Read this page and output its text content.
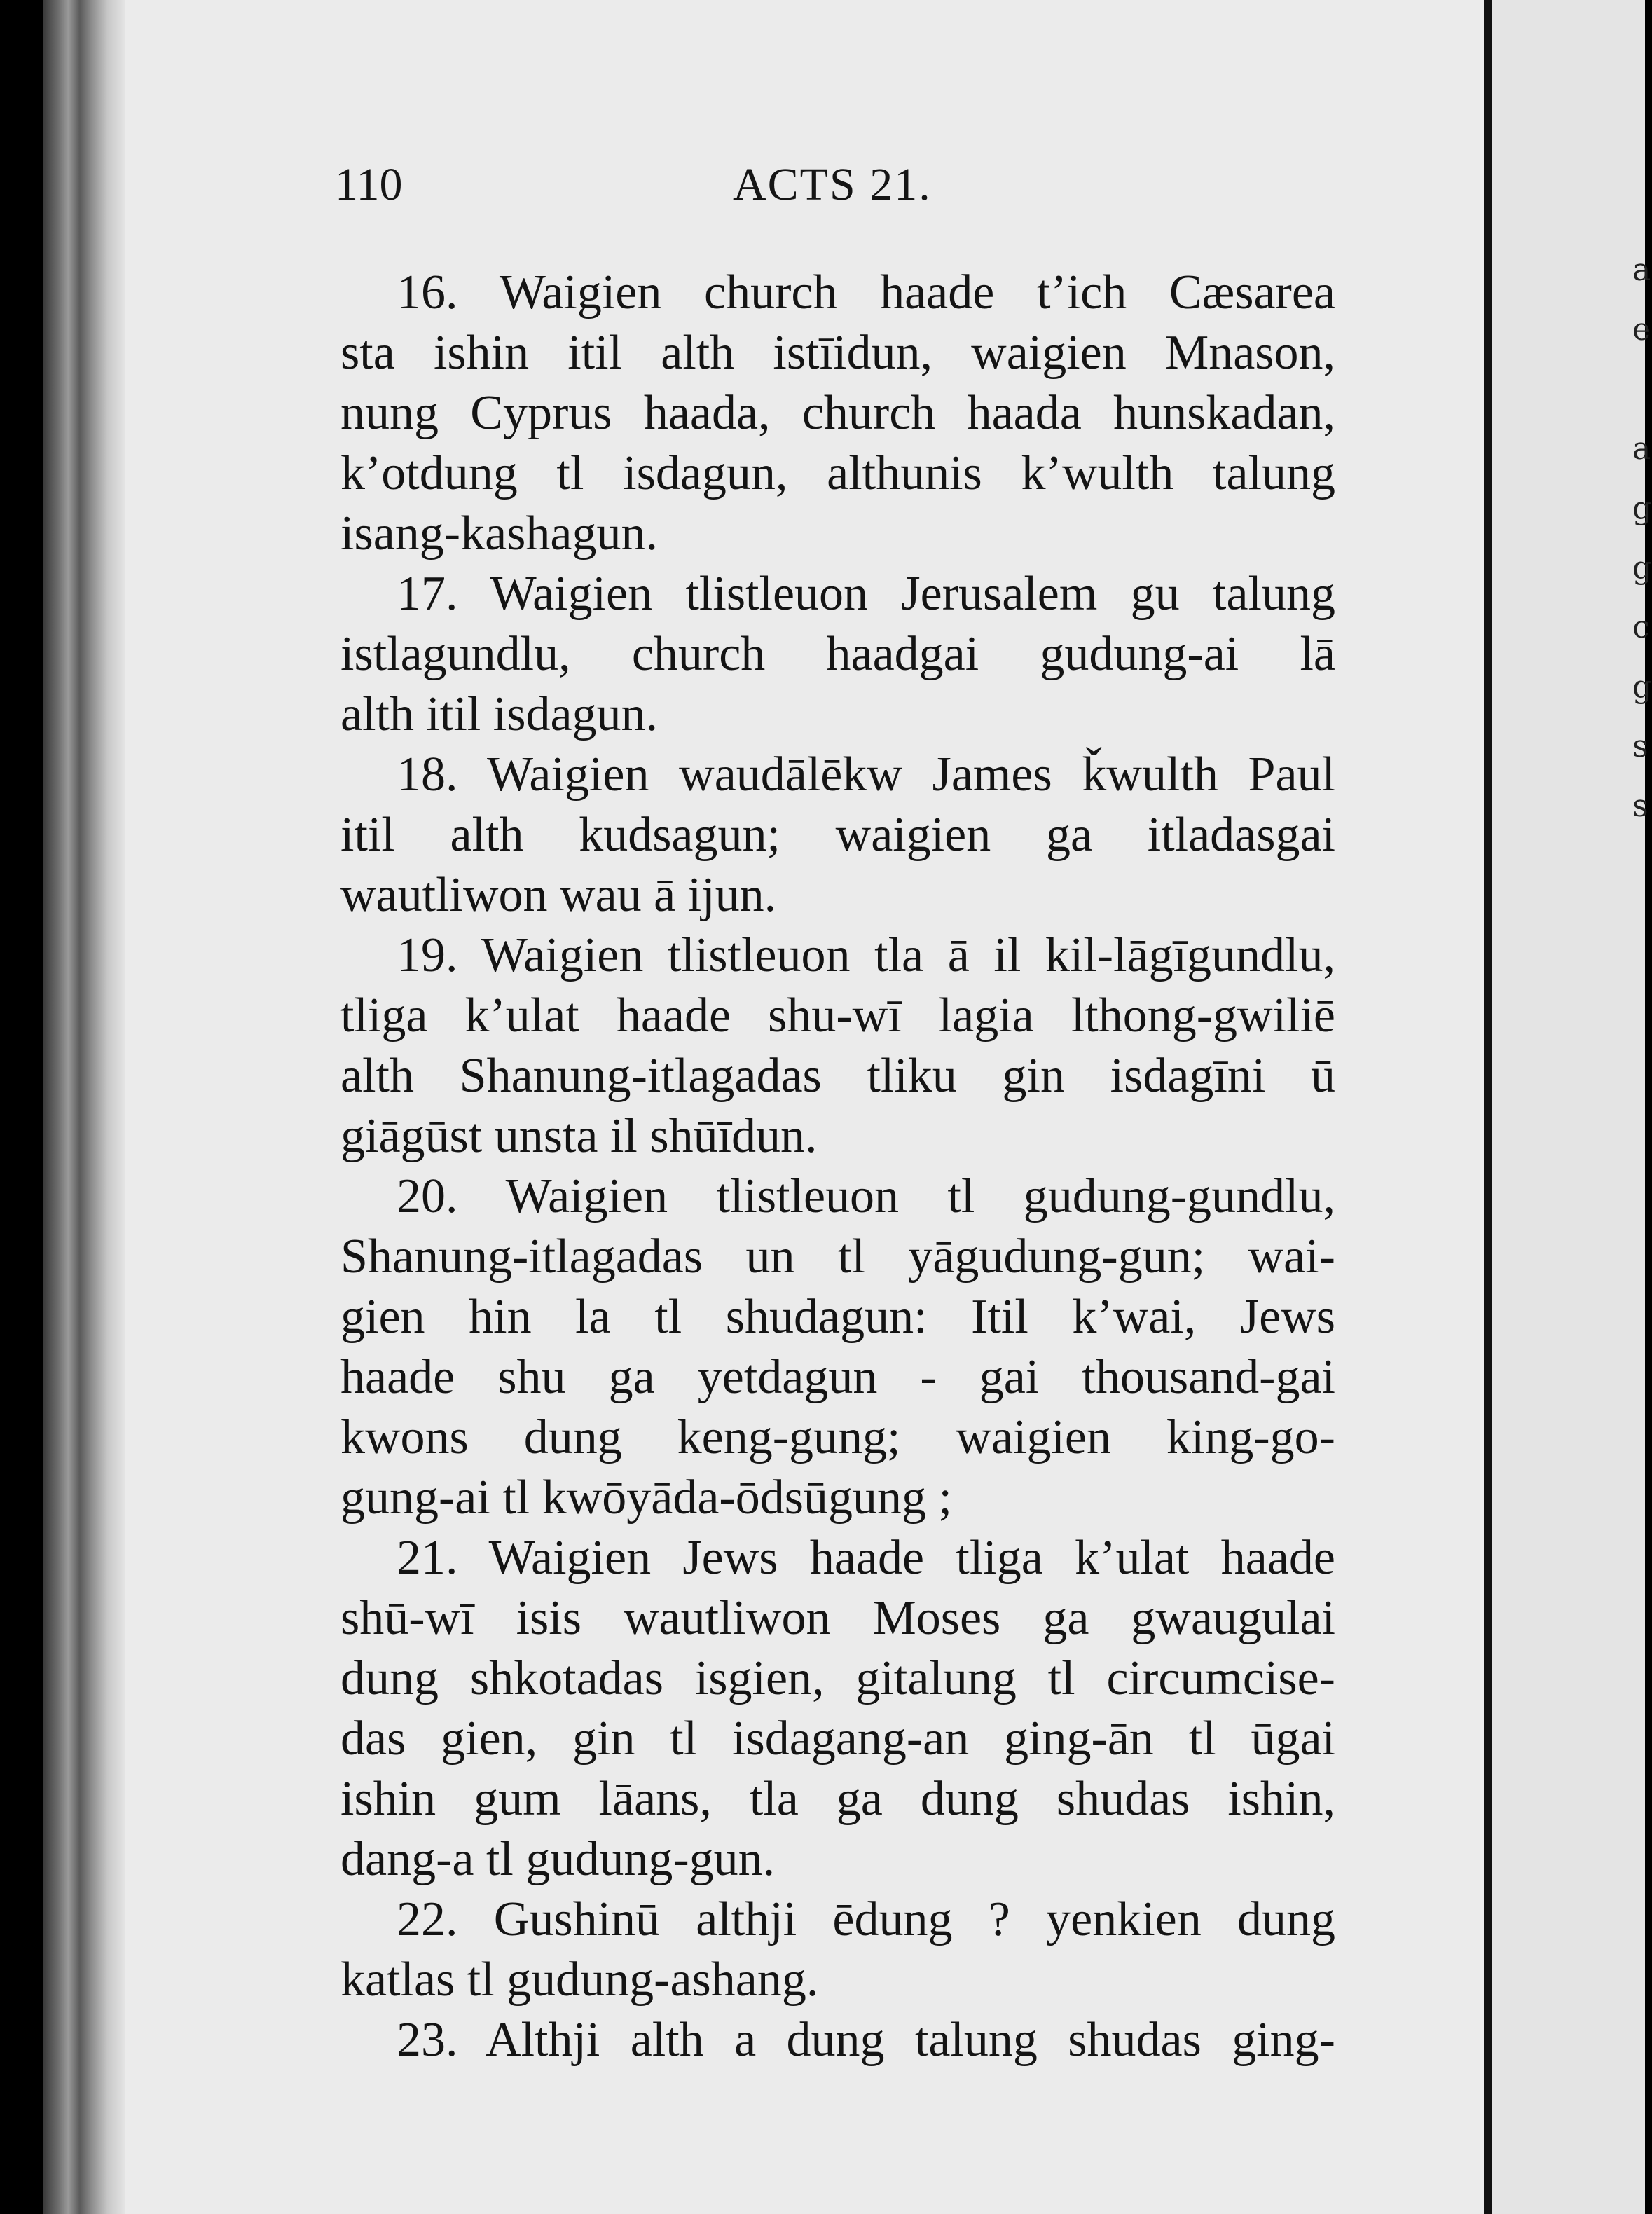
a
e
a
g
g
c
g
s
s
110	ACTS 21.
16. Waigien church haade t’ich Cæsarea
sta ishin itil alth istīidun, waigien Mnason,
nung Cyprus haada, church haada hunskadan,
k’otdung tl isdagun, althunis k’wulth talung
isang-kashagun.
17. Waigien tlistleuon Jerusalem gu talung
istlagundlu, church haadgai gudung-ai lā
alth itil isdagun.
18. Waigien waudālēkw James ǩwulth Paul
itil alth kudsagun; waigien ga itladasgai
wautliwon wau ā ijun.
19. Waigien tlistleuon tla ā il kil-lāgīgundlu,
tliga k’ulat haade shu-wī lagia lthong-gwiliē
alth Shanung-itlagadas tliku gin isdagīni ū
giāgūst unsta il shūīdun.
20. Waigien tlistleuon tl gudung-gundlu,
Shanung-itlagadas un tl yāgudung-gun; wai-
gien hin la tl shudagun: Itil k’wai, Jews
haade shu ga yetdagun - gai thousand-gai
kwons dung keng-gung; waigien king-go-
gung-ai tl kwōyāda-ōdsūgung ;
21. Waigien Jews haade tliga k’ulat haade
shū-wī isis wautliwon Moses ga gwaugulai
dung shkotadas isgien, gitalung tl circumcise-
das gien, gin tl isdagang-an ging-ān tl ūgai
ishin gum lāans, tla ga dung shudas ishin,
dang-a tl gudung-gun.
22. Gushinū althji ēdung ? yenkien dung
katlas tl gudung-ashang.
23. Althji alth a dung talung shudas ging-
